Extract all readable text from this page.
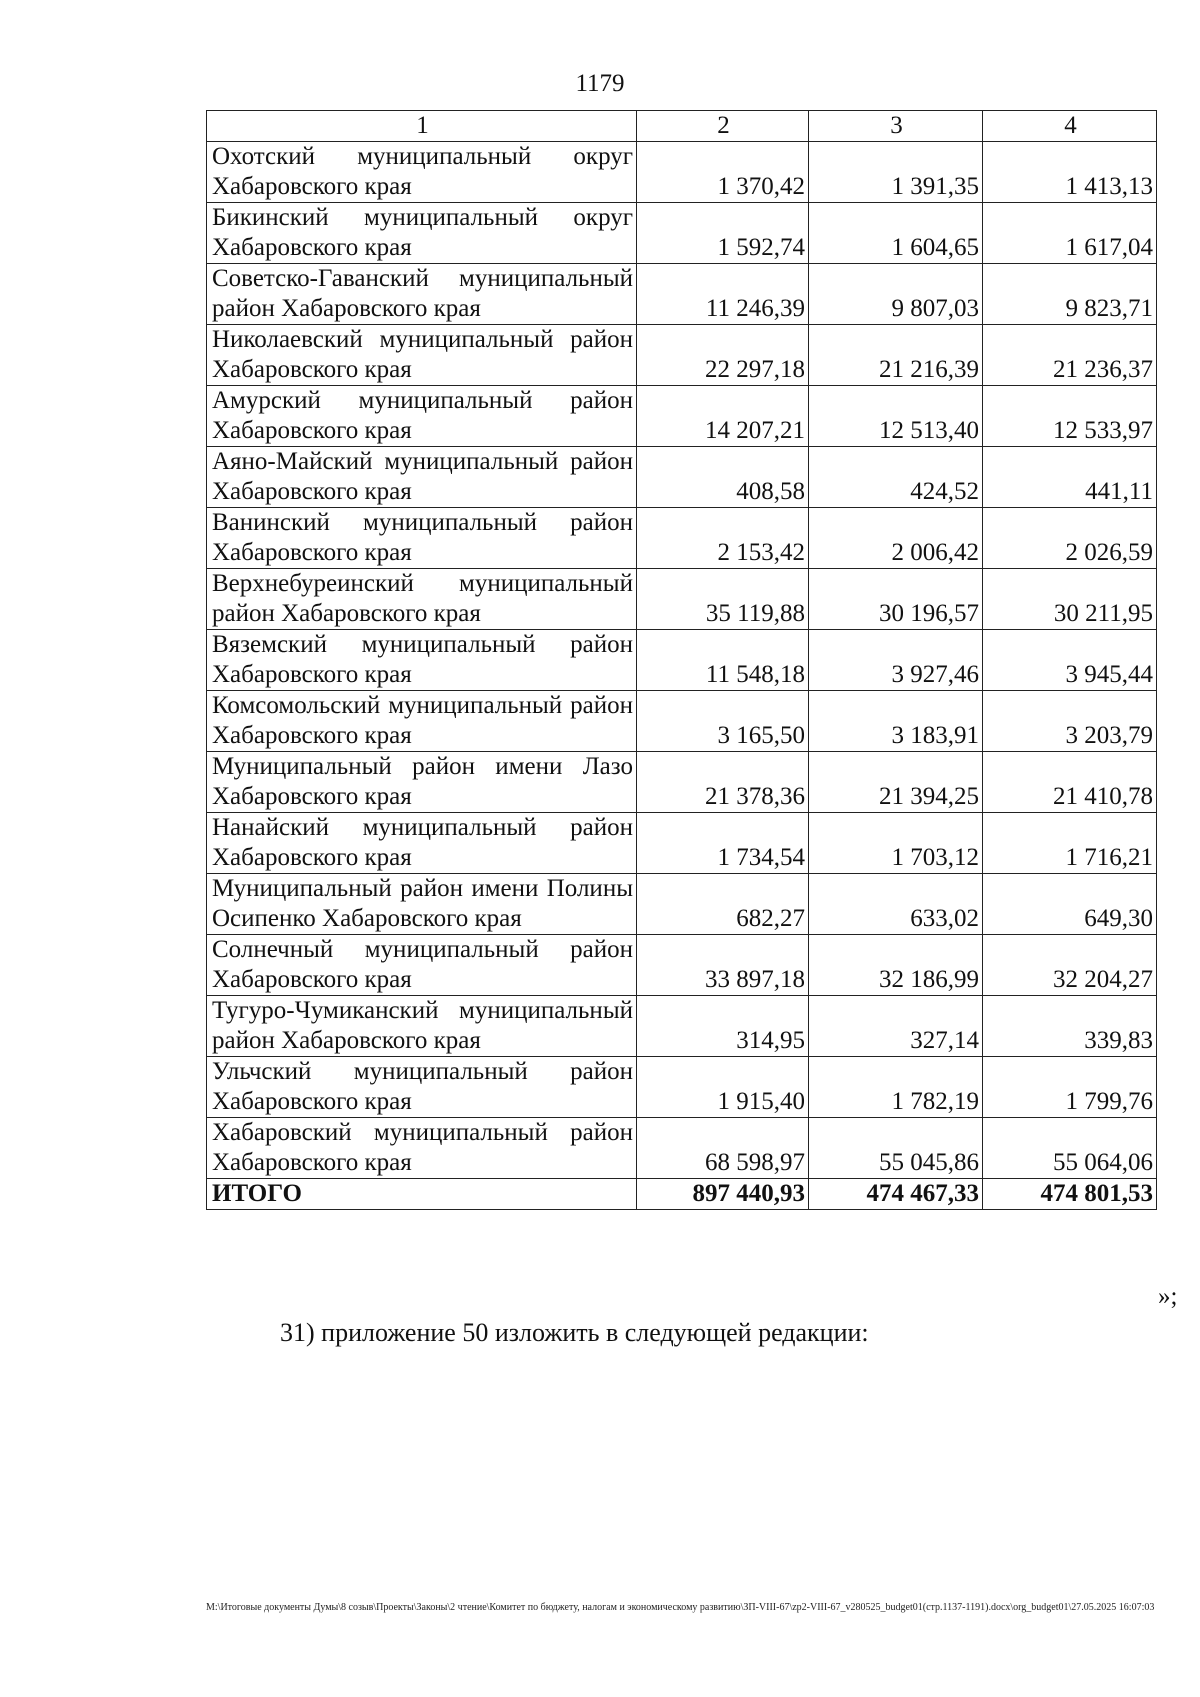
1179
1	2	3	4
Охотский муниципальный округ Хабаровского края	1 370,42	1 391,35	1 413,13
Бикинский муниципальный округ Хабаровского края	1 592,74	1 604,65	1 617,04
Советско-Гаванский муниципальный район Хабаровского края	11 246,39	9 807,03	9 823,71
Николаевский муниципальный район Хабаровского края	22 297,18	21 216,39	21 236,37
Амурский муниципальный район Хабаровского края	14 207,21	12 513,40	12 533,97
Аяно-Майский муниципальный район Хабаровского края	408,58	424,52	441,11
Ванинский муниципальный район Хабаровского края	2 153,42	2 006,42	2 026,59
Верхнебуреинский муниципальный район Хабаровского края	35 119,88	30 196,57	30 211,95
Вяземский муниципальный район Хабаровского края	11 548,18	3 927,46	3 945,44
Комсомольский муниципальный район Хабаровского края	3 165,50	3 183,91	3 203,79
Муниципальный район имени Лазо Хабаровского края	21 378,36	21 394,25	21 410,78
Нанайский муниципальный район Хабаровского края	1 734,54	1 703,12	1 716,21
Муниципальный район имени Полины Осипенко Хабаровского края	682,27	633,02	649,30
Солнечный муниципальный район Хабаровского края	33 897,18	32 186,99	32 204,27
Тугуро-Чумиканский муниципальный район Хабаровского края	314,95	327,14	339,83
Ульчский муниципальный район Хабаровского края	1 915,40	1 782,19	1 799,76
Хабаровский муниципальный район Хабаровского края	68 598,97	55 045,86	55 064,06
ИТОГО	897 440,93	474 467,33	474 801,53
»;
31) приложение 50 изложить в следующей редакции:
M:\Итоговые документы Думы\8 созыв\Проекты\Законы\2 чтение\Комитет по бюджету, налогам и экономическому развитию\ЗП-VIII-67\zp2-VIII-67_v280525_budget01(стр.1137-1191).docx\org_budget01\27.05.2025 16:07:03
